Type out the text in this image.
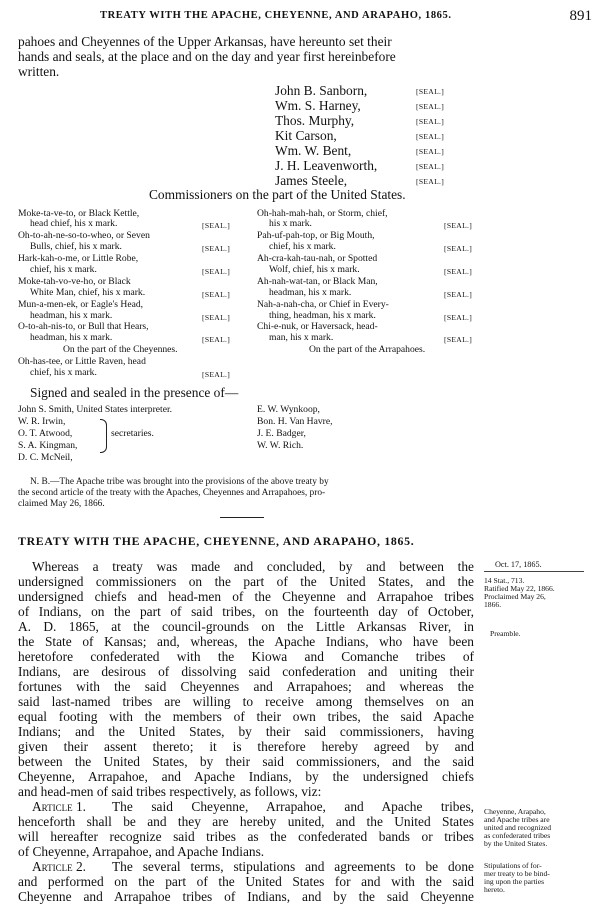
TREATY WITH THE APACHE, CHEYENNE, AND ARAPAHO, 1865.	891
pahoes and Cheyennes of the Upper Arkansas, have hereunto set their
hands and seals, at the place and on the day and year first hereinbefore
written.
John B. Sanborn,	[SEAL.]
Wm. S. Harney,	[SEAL.]
Thos. Murphy,	[SEAL.]
Kit Carson,	[SEAL.]
Wm. W. Bent,	[SEAL.]
J. H. Leavenworth,	[SEAL.]
James Steele,	[SEAL.]
Commissioners on the part of the United States.
Moke-ta-ve-to, or Black Kettle,
head chief, his x mark.	[SEAL.]
Oh-to-ah-ne-so-to-wheo, or Seven
Bulls, chief, his x mark.	[SEAL.]
Hark-kah-o-me, or Little Robe,
chief, his x mark.	[SEAL.]
Moke-tah-vo-ve-ho, or Black
White Man, chief, his x mark.	[SEAL.]
Mun-a-men-ek, or Eagle's Head,
headman, his x mark.	[SEAL.]
O-to-ah-nis-to, or Bull that Hears,
headman, his x mark.	[SEAL.]
On the part of the Cheyennes.
Oh-has-tee, or Little Raven, head
chief, his x mark.	[SEAL.]
Oh-hah-mah-hah, or Storm, chief,
his x mark.	[SEAL.]
Pah-uf-pah-top, or Big Mouth,
chief, his x mark.	[SEAL.]
Ah-cra-kah-tau-nah, or Spotted
Wolf, chief, his x mark.	[SEAL.]
Ah-nah-wat-tan, or Black Man,
headman, his x mark.	[SEAL.]
Nah-a-nah-cha, or Chief in Every-
thing, headman, his x mark.	[SEAL.]
Chi-e-nuk, or Haversack, head-
man, his x mark.	[SEAL.]
On the part of the Arrapahoes.
Signed and sealed in the presence of—
John S. Smith, United States interpreter.
W. R. Irwin,
O. T. Atwood,
S. A. Kingman,
secretaries.
D. C. McNeil,
E. W. Wynkoop,
Bon. H. Van Havre,
J. E. Badger,
W. W. Rich.
N. B.—The Apache tribe was brought into the provisions of the above treaty by
the second article of the treaty with the Apaches, Cheyennes and Arrapahoes, pro-
claimed May 26, 1866.
TREATY WITH THE APACHE, CHEYENNE, AND ARAPAHO, 1865.
Oct. 17, 1865.
14 Stat., 713.
Ratified May 22, 1866.
Proclaimed May 26,
1866.
Preamble.
Cheyenne, Arapaho,
and Apache tribes are
united and recognized
as confederated tribes
by the United States.
Stipulations of for-
mer treaty to be bind-
ing upon the parties
hereto.
Whereas a treaty was made and concluded, by and between the
undersigned commissioners on the part of the United States, and the
undersigned chiefs and head-men of the Cheyenne and Arrapahoe tribes
of Indians, on the part of said tribes, on the fourteenth day of October,
A. D. 1865, at the council-grounds on the Little Arkansas River, in
the State of Kansas; and, whereas, the Apache Indians, who have been
heretofore confederated with the Kiowa and Comanche tribes of
Indians, are desirous of dissolving said confederation and uniting their
fortunes with the said Cheyennes and Arrapahoes; and whereas the
said last-named tribes are willing to receive among themselves on an
equal footing with the members of their own tribes, the said Apache
Indians; and the United States, by their said commissioners, having
given their assent thereto; it is therefore hereby agreed by and
between the United States, by their said commissioners, and the said
Cheyenne, Arrapahoe, and Apache Indians, by the undersigned chiefs
and head-men of said tribes respectively, as follows, viz:
Article 1. The said Cheyenne, Arrapahoe, and Apache tribes,
henceforth shall be and they are hereby united, and the United States
will hereafter recognize said tribes as the confederated bands or tribes
of Cheyenne, Arrapahoe, and Apache Indians.
Article 2. The several terms, stipulations and agreements to be done
and performed on the part of the United States for and with the said
Cheyenne and Arrapahoe tribes of Indians, and by the said Cheyenne
